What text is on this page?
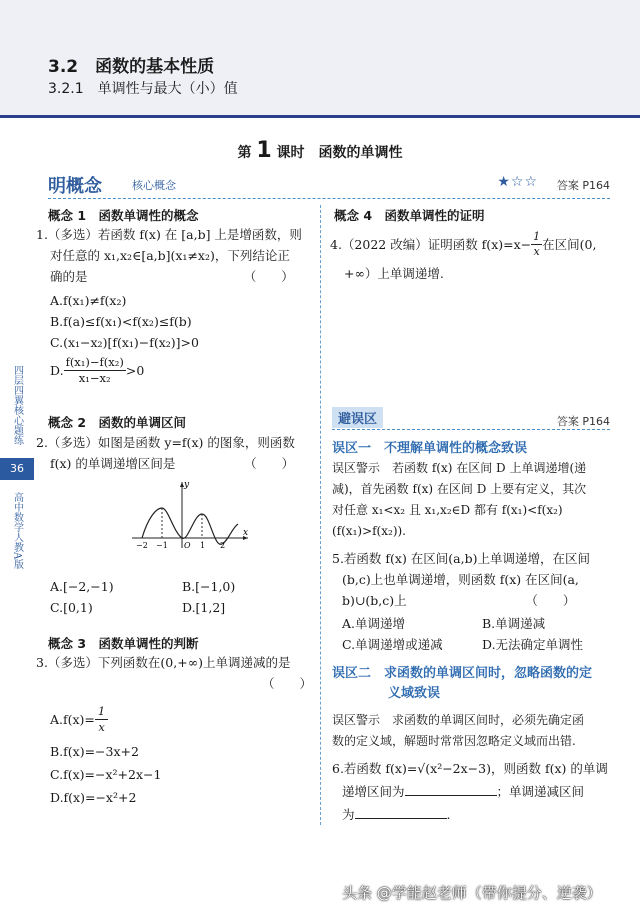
3.2　函数的基本性质
3.2.1　单调性与最大（小）值
第 1 课时　函数的单调性
明概念	核心概念	★☆☆ 答案 P164
四层四翼核心题练
36
高中数学人教A版
概念 1　函数单调性的概念
1.（多选）若函数 f(x) 在 [a,b] 上是增函数，则
对任意的 x₁,x₂∈[a,b](x₁≠x₂)，下列结论正
确的是　　　　　　　　　　　　　（　　）
A.f(x₁)≠f(x₂)
B.f(a)≤f(x₁)<f(x₂)≤f(b)
C.(x₁−x₂)[f(x₁)−f(x₂)]>0
D. $\frac{\text{f(x₁)−f(x₂)}}{\text{x₁−x₂}} >0$
概念 2　函数的单调区间
2.（多选）如图是函数 y=f(x) 的图象，则函数
f(x) 的单调递增区间是　　　　　　（　　）
y
x
O
−2 −1	1 2
A.[−2,−1)	B.[−1,0)
C.[0,1)	D.[1,2]
概念 3　函数单调性的判断
3.（多选）下列函数在(0,+∞)上单调递减的是
（　　）
$A.f(x)= \frac{1}{x}$
B.f(x)=−3x+2
C.f(x)=−x²+2x−1
D.f(x)=−x²+2
概念 4　函数单调性的证明
4.（2022 改编）证明函数 $f(x)=x- \frac{1}{x}$ 在区间(0,
+∞）上单调递增.
避误区	答案 P164
误区一　不理解单调性的概念致误
误区警示　若函数 f(x) 在区间 D 上单调递增(递
减)，首先函数 f(x) 在区间 D 上要有定义，其次
对任意 x₁<x₂ 且 x₁,x₂∈D 都有 f(x₁)<f(x₂)
(f(x₁)>f(x₂)).
5.若函数 f(x) 在区间(a,b)上单调递增，在区间
(b,c)上也单调递增，则函数 f(x) 在区间(a,
b)∪(b,c)上　　　　　　　　　　（　　）
A.单调递增	B.单调递减
C.单调递增或递减	D.无法确定单调性
误区二　求函数的单调区间时，忽略函数的定
义域致误
误区警示　求函数的单调区间时，必须先确定函
数的定义域，解题时常常因忽略定义域而出错.
6.若函数 f(x)=√(x²−2x−3)，则函数 f(x) 的单调
递增区间为	；单调递减区间
为	.
头条 @学能赵老师（带你提分、逆袭）
